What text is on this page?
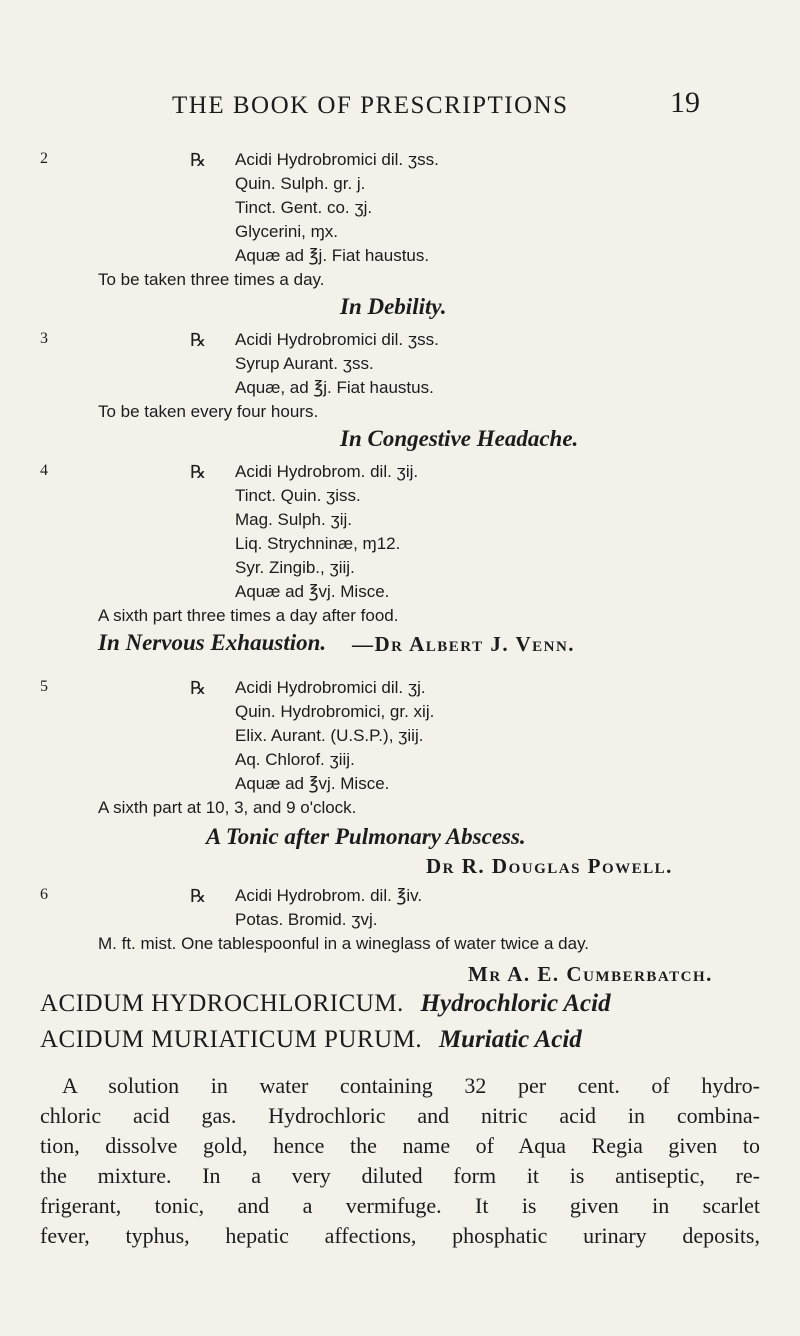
THE BOOK OF PRESCRIPTIONS	19
2	℞ Acidi Hydrobromici dil. ʒss.
Quin. Sulph. gr. j.
Tinct. Gent. co. ʒj.
Glycerini, ɱx.
Aquæ ad ℥j. Fiat haustus.
To be taken three times a day.
In Debility.
3	℞ Acidi Hydrobromici dil. ʒss.
Syrup Aurant. ʒss.
Aquæ, ad ℥j. Fiat haustus.
To be taken every four hours.
In Congestive Headache.
4	℞ Acidi Hydrobrom. dil. ʒij.
Tinct. Quin. ʒiss.
Mag. Sulph. ʒij.
Liq. Strychninæ, ɱ12.
Syr. Zingib., ʒiij.
Aquæ ad ℥vj. Misce.
A sixth part three times a day after food.
In Nervous Exhaustion. —Dr Albert J. Venn.
5	℞ Acidi Hydrobromici dil. ʒj.
Quin. Hydrobromici, gr. xij.
Elix. Aurant. (U.S.P.), ʒiij.
Aq. Chlorof. ʒiij.
Aquæ ad ℥vj. Misce.
A sixth part at 10, 3, and 9 o'clock.
A Tonic after Pulmonary Abscess.
Dr R. Douglas Powell.
6	℞ Acidi Hydrobrom. dil. ℥iv.
Potas. Bromid. ʒvj.
M. ft. mist. One tablespoonful in a wineglass of water twice a day.
Mr A. E. Cumberbatch.
ACIDUM HYDROCHLORICUM. Hydrochloric Acid
ACIDUM MURIATICUM PURUM. Muriatic Acid
A solution in water containing 32 per cent. of hydro-
chloric acid gas. Hydrochloric and nitric acid in combina-
tion, dissolve gold, hence the name of Aqua Regia given to
the mixture. In a very diluted form it is antiseptic, re-
frigerant, tonic, and a vermifuge. It is given in scarlet
fever, typhus, hepatic affections, phosphatic urinary deposits,
